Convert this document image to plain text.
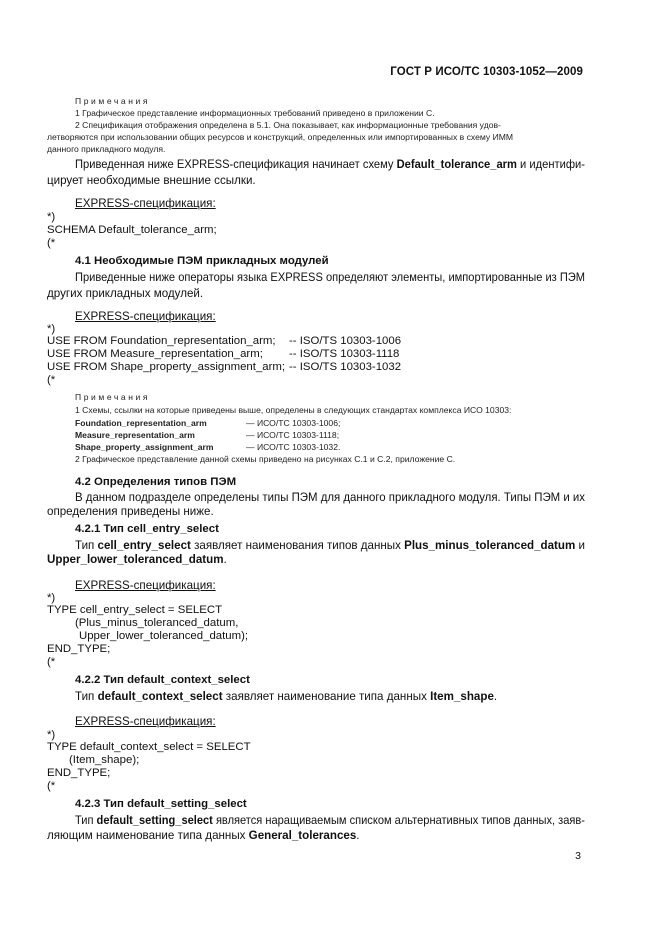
ГОСТ Р ИСО/ТС 10303-1052—2009
Примечания
1 Графическое представление информационных требований приведено в приложении С.
2 Спецификация отображения определена в 5.1. Она показывает, как информационные требования удов-
летворяются при использовании общих ресурсов и конструкций, определенных или импортированных в схему ИММ
данного прикладного модуля.
Приведенная ниже EXPRESS-спецификация начинает схему Default_tolerance_arm и идентифи-
цирует необходимые внешние ссылки.
EXPRESS-спецификация:
*)
SCHEMA Default_tolerance_arm;
(*
4.1 Необходимые ПЭМ прикладных модулей
Приведенные ниже операторы языка EXPRESS определяют элементы, импортированные из ПЭМ
других прикладных модулей.
EXPRESS-спецификация:
*)
USE FROM Foundation_representation_arm; -- ISO/TS 10303-1006
USE FROM Measure_representation_arm; -- ISO/TS 10303-1118
USE FROM Shape_property_assignment_arm; -- ISO/TS 10303-1032
(*
Примечания
1 Схемы, ссылки на которые приведены выше, определены в следующих стандартах комплекса ИСО 10303:
Foundation_representation_arm	— ИСО/ТС 10303-1006;
Measure_representation_arm	— ИСО/ТС 10303-1118;
Shape_property_assignment_arm	— ИСО/ТС 10303-1032.
2 Графическое представление данной схемы приведено на рисунках С.1 и С.2, приложение С.
4.2 Определения типов ПЭМ
В данном подразделе определены типы ПЭМ для данного прикладного модуля. Типы ПЭМ и их
определения приведены ниже.
4.2.1 Тип cell_entry_select
Тип cell_entry_select заявляет наименования типов данных Plus_minus_toleranced_datum и
Upper_lower_toleranced_datum.
EXPRESS-спецификация:
*)
TYPE cell_entry_select = SELECT
(Plus_minus_toleranced_datum,
Upper_lower_toleranced_datum);
END_TYPE;
(*
4.2.2 Тип default_context_select
Тип default_context_select заявляет наименование типа данных Item_shape.
EXPRESS-спецификация:
*)
TYPE default_context_select = SELECT
(Item_shape);
END_TYPE;
(*
4.2.3 Тип default_setting_select
Тип default_setting_select является наращиваемым списком альтернативных типов данных, заяв-
ляющим наименование типа данных General_tolerances.
3
